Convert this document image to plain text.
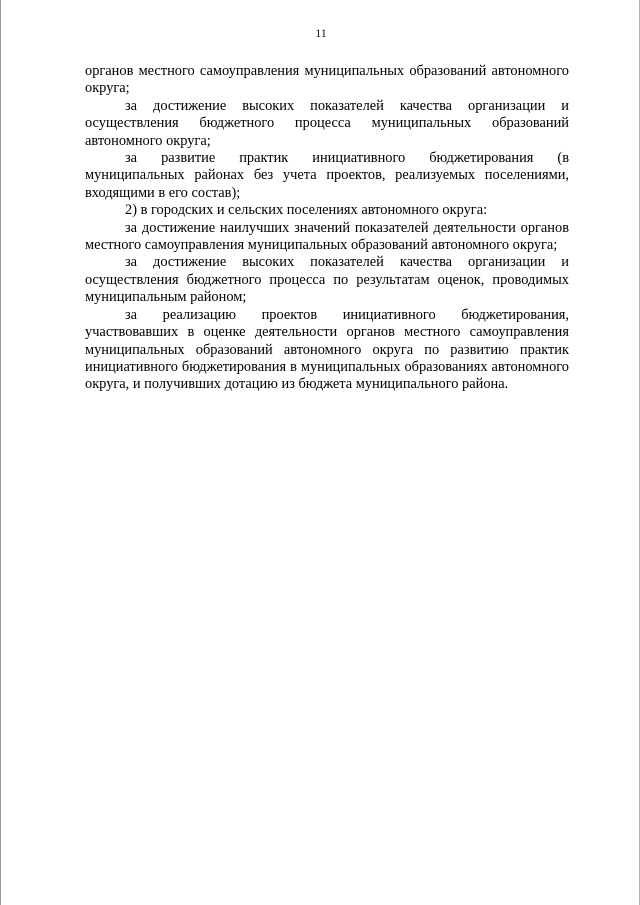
11

органов местного самоуправления муниципальных образований автономного округа;

за достижение высоких показателей качества организации и осуществления бюджетного процесса муниципальных образований автономного округа;

за развитие практик инициативного бюджетирования (в муниципальных районах без учета проектов, реализуемых поселениями, входящими в его состав);

2) в городских и сельских поселениях автономного округа:

за достижение наилучших значений показателей деятельности органов местного самоуправления муниципальных образований автономного округа;

за достижение высоких показателей качества организации и осуществления бюджетного процесса по результатам оценок, проводимых муниципальным районом;

за реализацию проектов инициативного бюджетирования, участвовавших в оценке деятельности органов местного самоуправления муниципальных образований автономного округа по развитию практик инициативного бюджетирования в муниципальных образованиях автономного округа, и получивших дотацию из бюджета муниципального района.
